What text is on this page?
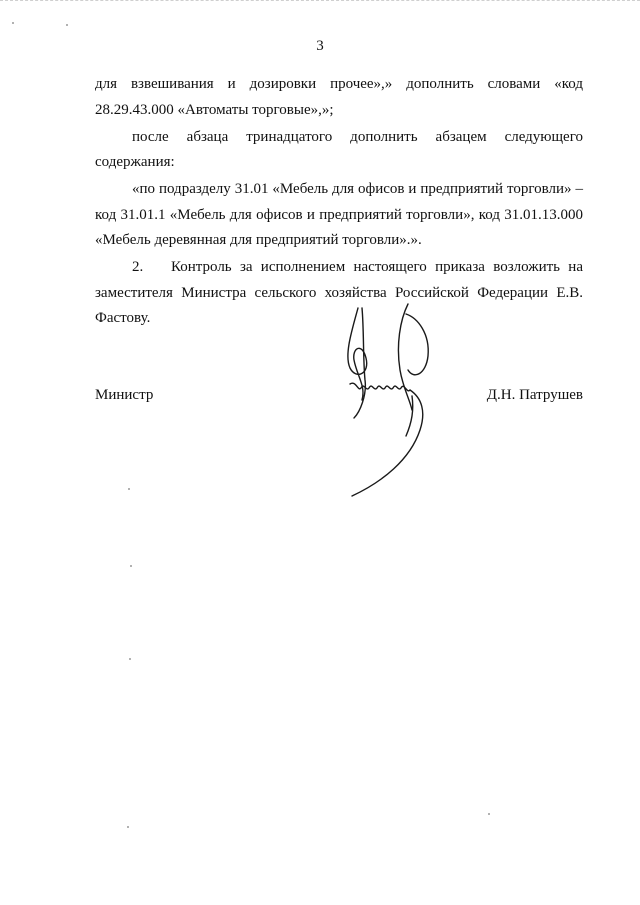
3

для взвешивания и дозировки прочее»,» дополнить словами «код 28.29.43.000 «Автоматы торговые»,»;

после абзаца тринадцатого дополнить абзацем следующего содержания:

«по подразделу 31.01 «Мебель для офисов и предприятий торговли» – код 31.01.1 «Мебель для офисов и предприятий торговли», код 31.01.13.000 «Мебель деревянная для предприятий торговли».».

2. Контроль за исполнением настоящего приказа возложить на заместителя Министра сельского хозяйства Российской Федерации Е.В. Фастову.

Министр	Д.Н. Патрушев
